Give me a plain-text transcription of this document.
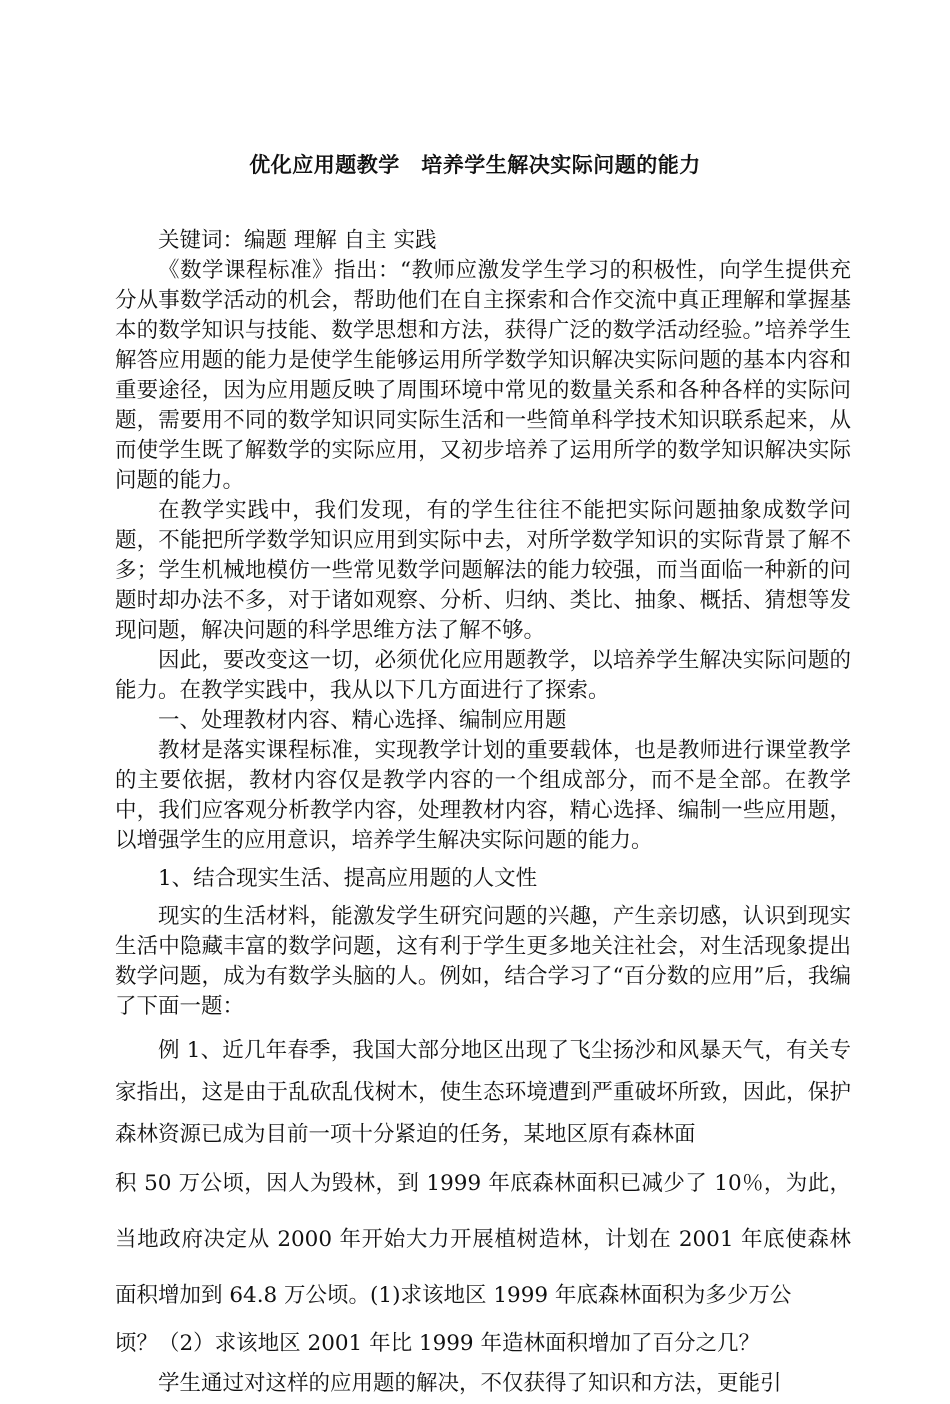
优化应用题教学　培养学生解决实际问题的能力

关键词：编题 理解 自主 实践

《数学课程标准》指出：“教师应激发学生学习的积极性，向学生提供充分从事数学活动的机会，帮助他们在自主探索和合作交流中真正理解和掌握基本的数学知识与技能、数学思想和方法，获得广泛的数学活动经验。”培养学生解答应用题的能力是使学生能够运用所学数学知识解决实际问题的基本内容和重要途径，因为应用题反映了周围环境中常见的数量关系和各种各样的实际问题，需要用不同的数学知识同实际生活和一些简单科学技术知识联系起来，从而使学生既了解数学的实际应用，又初步培养了运用所学的数学知识解决实际问题的能力。

在教学实践中，我们发现，有的学生往往不能把实际问题抽象成数学问题，不能把所学数学知识应用到实际中去，对所学数学知识的实际背景了解不多；学生机械地模仿一些常见数学问题解法的能力较强，而当面临一种新的问题时却办法不多，对于诸如观察、分析、归纳、类比、抽象、概括、猜想等发现问题，解决问题的科学思维方法了解不够。

因此，要改变这一切，必须优化应用题教学，以培养学生解决实际问题的能力。在教学实践中，我从以下几方面进行了探索。

一、处理教材内容、精心选择、编制应用题

教材是落实课程标准，实现教学计划的重要载体，也是教师进行课堂教学的主要依据，教材内容仅是教学内容的一个组成部分，而不是全部。在教学中，我们应客观分析教学内容，处理教材内容，精心选择、编制一些应用题，以增强学生的应用意识，培养学生解决实际问题的能力。

1、结合现实生活、提高应用题的人文性

现实的生活材料，能激发学生研究问题的兴趣，产生亲切感，认识到现实生活中隐藏丰富的数学问题，这有利于学生更多地关注社会，对生活现象提出数学问题，成为有数学头脑的人。例如，结合学习了“百分数的应用”后，我编了下面一题：

例 1、近几年春季，我国大部分地区出现了飞尘扬沙和风暴天气，有关专家指出，这是由于乱砍乱伐树木，使生态环境遭到严重破坏所致，因此，保护森林资源已成为目前一项十分紧迫的任务，某地区原有森林面

积 50 万公顷，因人为毁林，到 1999 年底森林面积已减少了 10％，为此，当地政府决定从 2000 年开始大力开展植树造林，计划在 2001 年底使森林面积增加到 64.8 万公顷。(1)求该地区 1999 年底森林面积为多少万公

顷？（2）求该地区 2001 年比 1999 年造林面积增加了百分之几？

学生通过对这样的应用题的解决，不仅获得了知识和方法，更能引
